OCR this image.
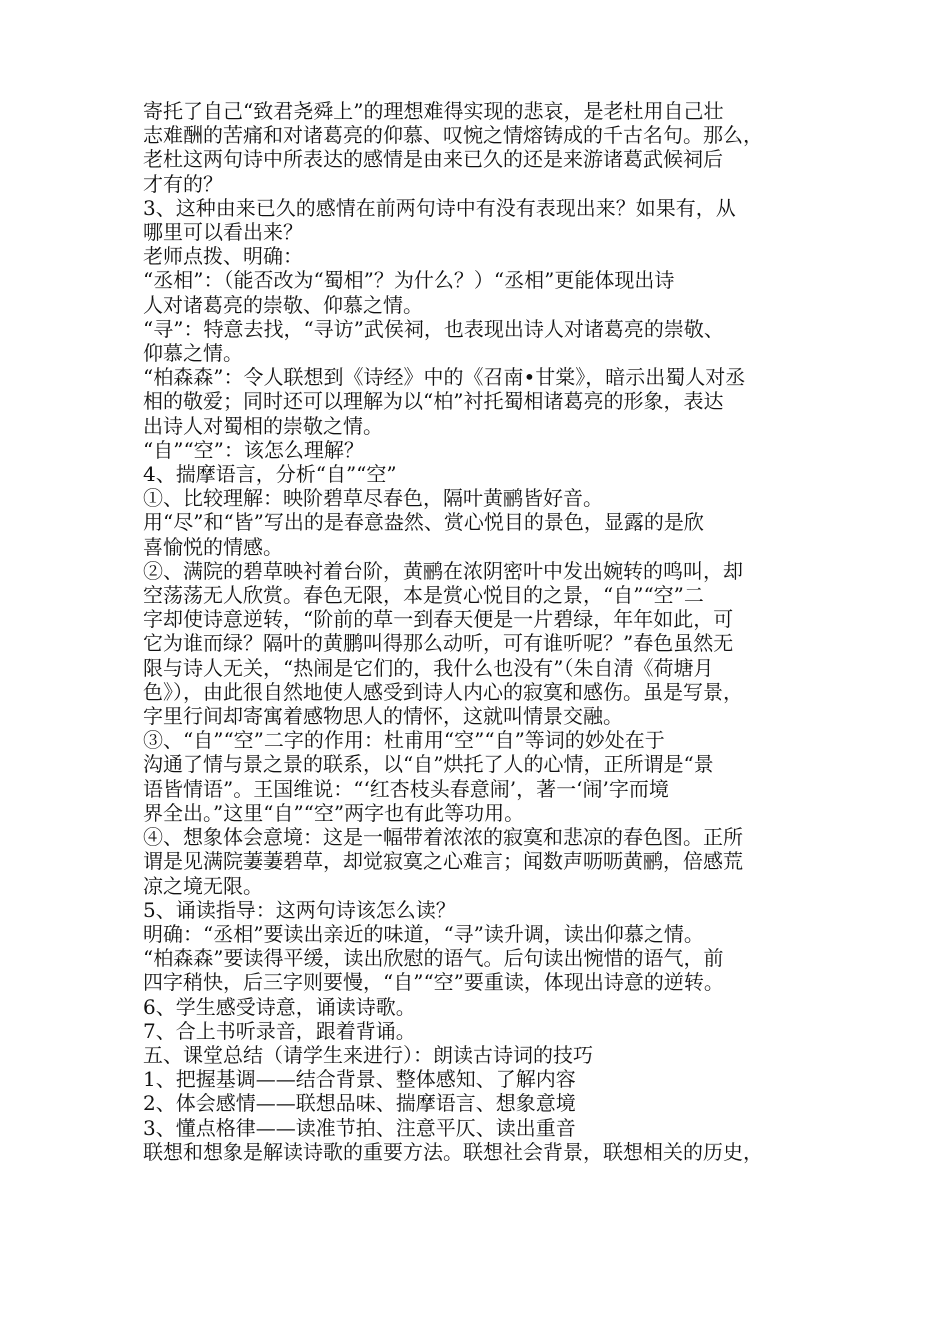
寄托了自己“致君尧舜上”的理想难得实现的悲哀，是老杜用自己壮

志难酬的苦痛和对诸葛亮的仰慕、叹惋之情熔铸成的千古名句。那么，

老杜这两句诗中所表达的感情是由来已久的还是来游诸葛武候祠后

才有的？

3、这种由来已久的感情在前两句诗中有没有表现出来？如果有，从

哪里可以看出来？

老师点拨、明确：

“丞相”：（能否改为“蜀相”？为什么？）“丞相”更能体现出诗

人对诸葛亮的崇敬、仰慕之情。

“寻”：特意去找，“寻访”武侯祠，也表现出诗人对诸葛亮的崇敬、

仰慕之情。

“柏森森”：令人联想到《诗经》中的《召南•甘棠》，暗示出蜀人对丞

相的敬爱；同时还可以理解为以“柏”衬托蜀相诸葛亮的形象，表达

出诗人对蜀相的崇敬之情。

“自”“空”：该怎么理解？

4、揣摩语言，分析“自”“空”

①、比较理解：映阶碧草尽春色，隔叶黄鹂皆好音。

用“尽”和“皆”写出的是春意盎然、赏心悦目的景色，显露的是欣

喜愉悦的情感。

②、满院的碧草映衬着台阶，黄鹂在浓阴密叶中发出婉转的鸣叫，却

空荡荡无人欣赏。春色无限，本是赏心悦目的之景，“自”“空”二

字却使诗意逆转，“阶前的草一到春天便是一片碧绿，年年如此，可

它为谁而绿？隔叶的黄鹏叫得那么动听，可有谁听呢？”春色虽然无

限与诗人无关，“热闹是它们的，我什么也没有”（朱自清《荷塘月

色》），由此很自然地使人感受到诗人内心的寂寞和感伤。虽是写景，

字里行间却寄寓着感物思人的情怀，这就叫情景交融。

③、“自”“空”二字的作用：杜甫用“空”“自”等词的妙处在于

沟通了情与景之景的联系，以“自”烘托了人的心情，正所谓是“景

语皆情语”。王国维说：“‘红杏枝头春意闹’，著一‘闹’字而境

界全出。”这里“自”“空”两字也有此等功用。

④、想象体会意境：这是一幅带着浓浓的寂寞和悲凉的春色图。正所

谓是见满院萋萋碧草，却觉寂寞之心难言；闻数声呖呖黄鹂，倍感荒

凉之境无限。

5、诵读指导：这两句诗该怎么读？

明确：“丞相”要读出亲近的味道，“寻”读升调，读出仰慕之情。

“柏森森”要读得平缓，读出欣慰的语气。后句读出惋惜的语气，前

四字稍快，后三字则要慢，“自”“空”要重读，体现出诗意的逆转。

6、学生感受诗意，诵读诗歌。

7、合上书听录音，跟着背诵。

五、课堂总结（请学生来进行）：朗读古诗词的技巧

1、把握基调——结合背景、整体感知、了解内容

2、体会感情——联想品味、揣摩语言、想象意境

3、懂点格律——读准节拍、注意平仄、读出重音

联想和想象是解读诗歌的重要方法。联想社会背景，联想相关的历史，
